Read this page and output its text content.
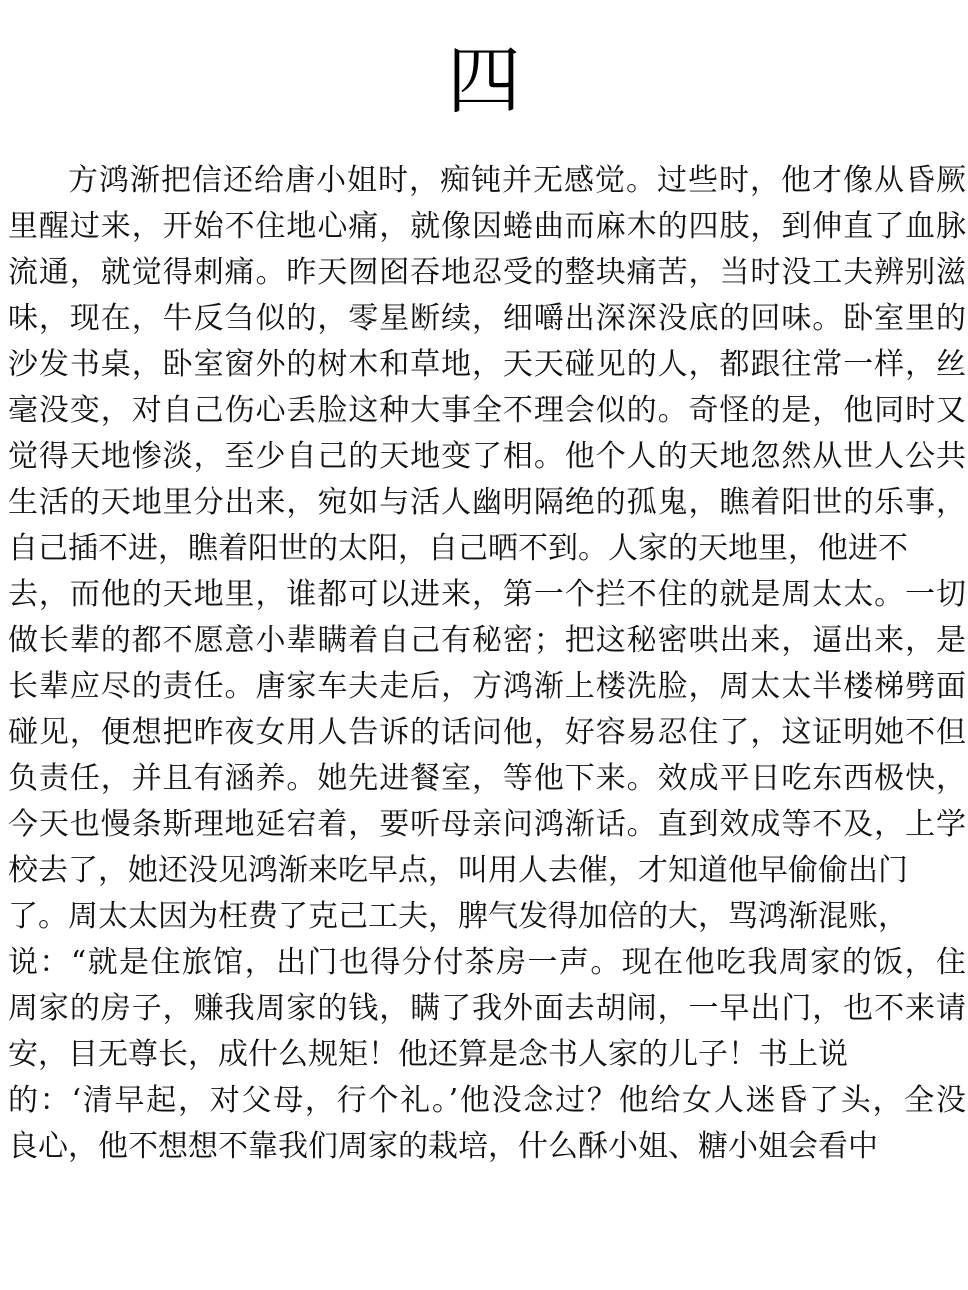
四
方鸿渐把信还给唐小姐时，痴钝并无感觉。过些时，他才像从昏厥
里醒过来，开始不住地心痛，就像因蜷曲而麻木的四肢，到伸直了血脉
流通，就觉得刺痛。昨天囫囵吞地忍受的整块痛苦，当时没工夫辨别滋
味，现在，牛反刍似的，零星断续，细嚼出深深没底的回味。卧室里的
沙发书桌，卧室窗外的树木和草地，天天碰见的人，都跟往常一样，丝
毫没变，对自己伤心丢脸这种大事全不理会似的。奇怪的是，他同时又
觉得天地惨淡，至少自己的天地变了相。他个人的天地忽然从世人公共
生活的天地里分出来，宛如与活人幽明隔绝的孤鬼，瞧着阳世的乐事，
自己插不进，瞧着阳世的太阳，自己晒不到。人家的天地里，他进不
去，而他的天地里，谁都可以进来，第一个拦不住的就是周太太。一切
做长辈的都不愿意小辈瞒着自己有秘密；把这秘密哄出来，逼出来，是
长辈应尽的责任。唐家车夫走后，方鸿渐上楼洗脸，周太太半楼梯劈面
碰见，便想把昨夜女用人告诉的话问他，好容易忍住了，这证明她不但
负责任，并且有涵养。她先进餐室，等他下来。效成平日吃东西极快，
今天也慢条斯理地延宕着，要听母亲问鸿渐话。直到效成等不及，上学
校去了，她还没见鸿渐来吃早点，叫用人去催，才知道他早偷偷出门
了。周太太因为枉费了克己工夫，脾气发得加倍的大，骂鸿渐混账，
说：“就是住旅馆，出门也得分付茶房一声。现在他吃我周家的饭，住
周家的房子，赚我周家的钱，瞒了我外面去胡闹，一早出门，也不来请
安，目无尊长，成什么规矩！他还算是念书人家的儿子！书上说
的：‘清早起，对父母，行个礼。’他没念过？他给女人迷昏了头，全没
良心，他不想想不靠我们周家的栽培，什么酥小姐、糖小姐会看中
